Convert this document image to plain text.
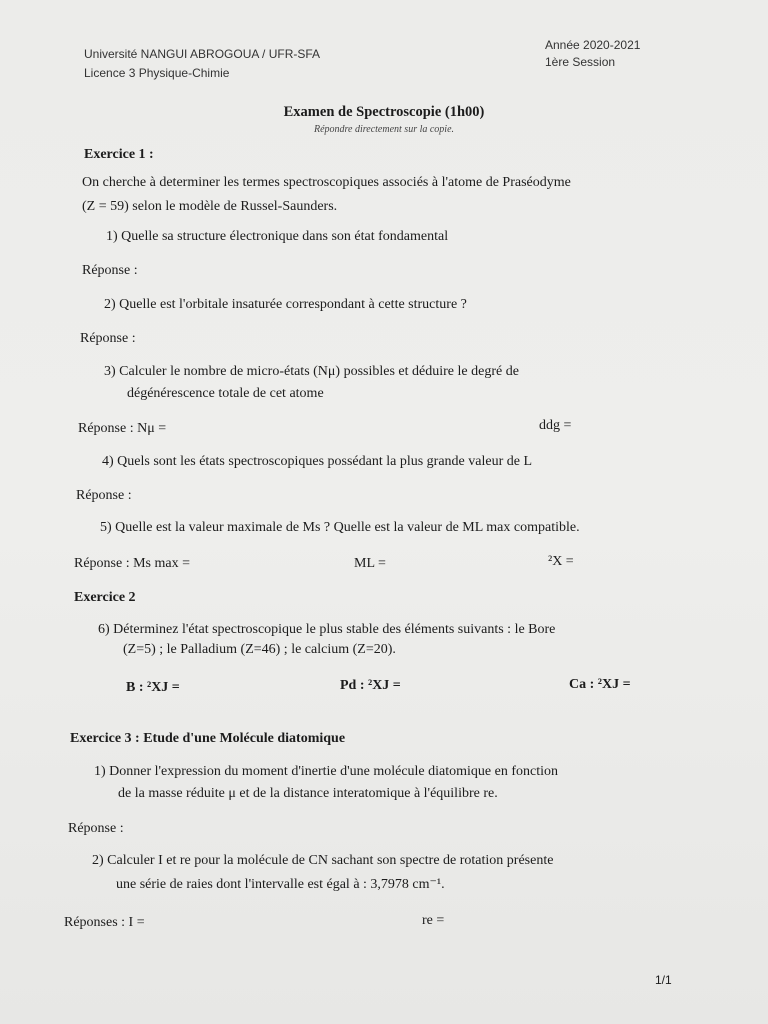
Université NANGUI ABROGOUA / UFR-SFA
Licence 3 Physique-Chimie
Année 2020-2021
1ère Session
Examen de Spectroscopie (1h00)
Répondre directement sur la copie.
Exercice 1 :
On cherche à determiner les termes spectroscopiques associés à l'atome de Praséodyme
(Z = 59) selon le modèle de Russel-Saunders.
1) Quelle sa structure électronique dans son état fondamental
Réponse :
2) Quelle est l'orbitale insaturée correspondant à cette structure ?
Réponse :
3) Calculer le nombre de micro-états (Nμ) possibles et déduire le degré de
dégénérescence totale de cet atome
Réponse : Nμ =	ddg =
4) Quels sont les états spectroscopiques possédant la plus grande valeur de L
Réponse :
5) Quelle est la valeur maximale de Ms ? Quelle est la valeur de ML max compatible.
Réponse : Ms max =	ML =	²X =
Exercice 2
6) Déterminez l'état spectroscopique le plus stable des éléments suivants : le Bore
(Z=5) ; le Palladium (Z=46) ; le calcium (Z=20).
B : ²XJ =	Pd : ²XJ =	Ca : ²XJ =
Exercice 3 : Etude d'une Molécule diatomique
1) Donner l'expression du moment d'inertie d'une molécule diatomique en fonction
de la masse réduite μ et de la distance interatomique à l'équilibre re.
Réponse :
2) Calculer I et re pour la molécule de CN sachant son spectre de rotation présente
une série de raies dont l'intervalle est égal à : 3,7978 cm⁻¹.
Réponses : I =	re =
1/1
